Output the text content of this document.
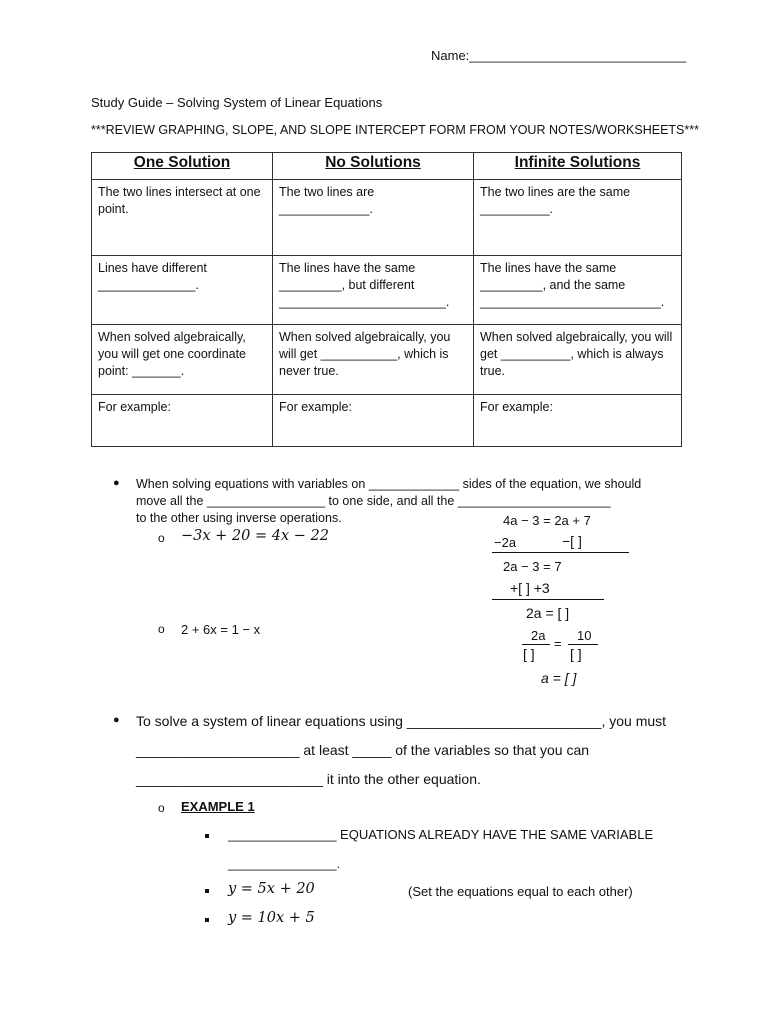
Name:______________________________
Study Guide – Solving System of Linear Equations
***REVIEW GRAPHING, SLOPE, AND SLOPE INTERCEPT FORM FROM YOUR NOTES/WORKSHEETS***
One Solution	No Solutions	Infinite Solutions
The two lines intersect at one point.	The two lines are _____________.	The two lines are the same __________.
Lines have different ______________.	The lines have the same _________, but different ________________________.	The lines have the same _________, and the same __________________________.
When solved algebraically, you will get one coordinate point: _______.	When solved algebraically, you will get ___________, which is never true.	When solved algebraically, you will get __________, which is always true.
For example:	For example:	For example:
● When solving equations with variables on _____________ sides of the equation, we should
move all the _________________ to one side, and all the ______________________
to the other using inverse operations.
o −3x + 20 = 4x − 22
o 2 + 6x = 1 − x
4a − 3 = 2a + 7
−2a	−[ ]
2a − 3 = 7
+[ ] +3
2a = [ ]
2a
=
10
[ ]	[ ]
a = [ ]
● To solve a system of linear equations using _________________________, you must
_____________________ at least _____ of the variables so that you can
________________________ it into the other equation.
o EXAMPLE 1
_______________ EQUATIONS ALREADY HAVE THE SAME VARIABLE
_______________.
y = 5x + 20	(Set the equations equal to each other)
y = 10x + 5
